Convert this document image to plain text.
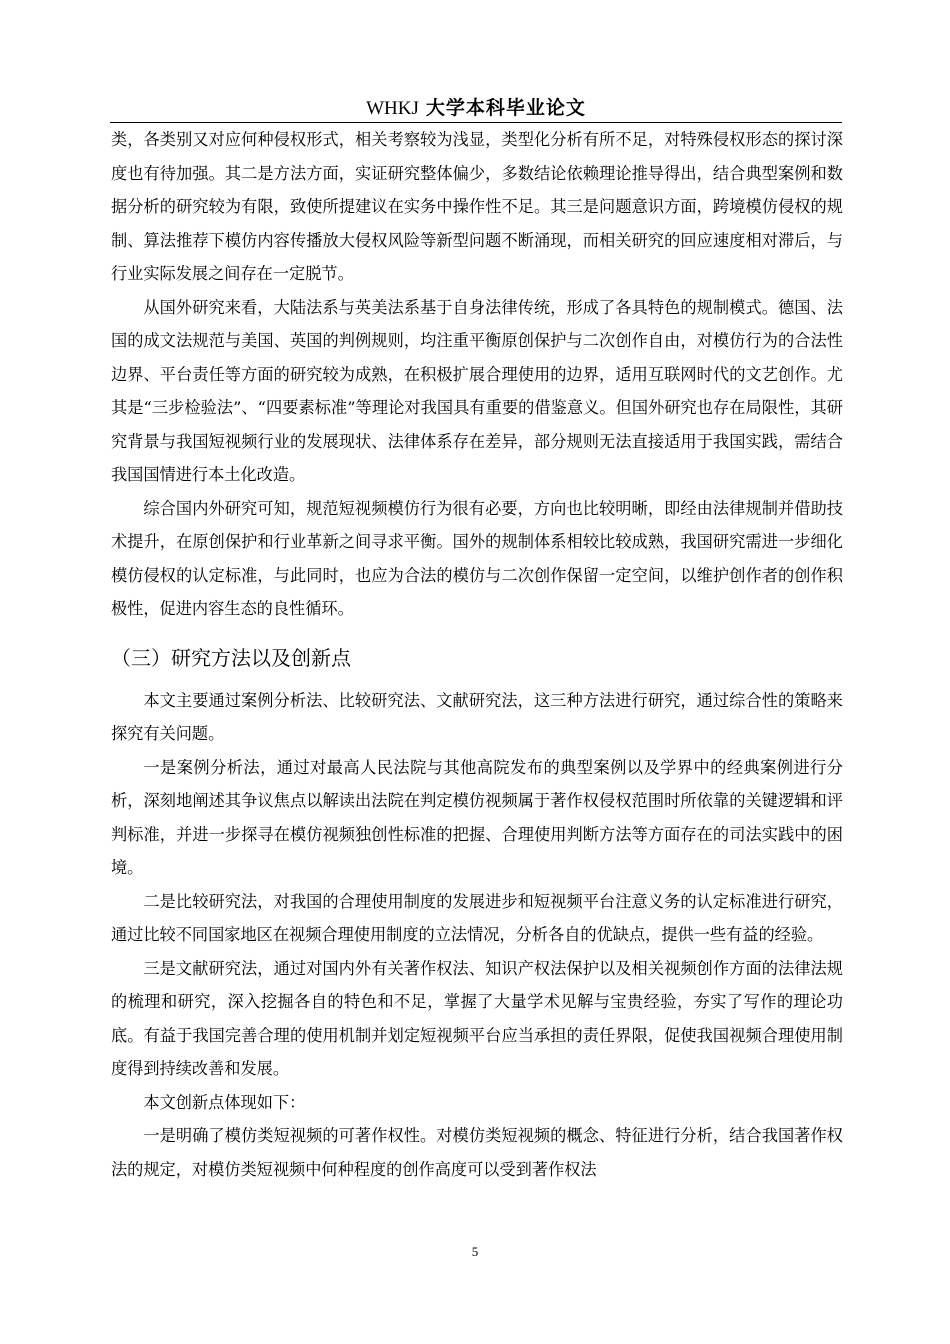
WHKJ 大学本科毕业论文

类，各类别又对应何种侵权形式，相关考察较为浅显，类型化分析有所不足，对特殊侵权形态的探讨深度也有待加强。其二是方法方面，实证研究整体偏少，多数结论依赖理论推导得出，结合典型案例和数据分析的研究较为有限，致使所提建议在实务中操作性不足。其三是问题意识方面，跨境模仿侵权的规制、算法推荐下模仿内容传播放大侵权风险等新型问题不断涌现，而相关研究的回应速度相对滞后，与行业实际发展之间存在一定脱节。

从国外研究来看，大陆法系与英美法系基于自身法律传统，形成了各具特色的规制模式。德国、法国的成文法规范与美国、英国的判例规则，均注重平衡原创保护与二次创作自由，对模仿行为的合法性边界、平台责任等方面的研究较为成熟，在积极扩展合理使用的边界，适用互联网时代的文艺创作。尤其是“三步检验法”、“四要素标准”等理论对我国具有重要的借鉴意义。但国外研究也存在局限性，其研究背景与我国短视频行业的发展现状、法律体系存在差异，部分规则无法直接适用于我国实践，需结合我国国情进行本土化改造。

综合国内外研究可知，规范短视频模仿行为很有必要，方向也比较明晰，即经由法律规制并借助技术提升，在原创保护和行业革新之间寻求平衡。国外的规制体系相较比较成熟，我国研究需进一步细化模仿侵权的认定标准，与此同时，也应为合法的模仿与二次创作保留一定空间，以维护创作者的创作积极性，促进内容生态的良性循环。

（三）研究方法以及创新点

本文主要通过案例分析法、比较研究法、文献研究法，这三种方法进行研究，通过综合性的策略来探究有关问题。

一是案例分析法，通过对最高人民法院与其他高院发布的典型案例以及学界中的经典案例进行分析，深刻地阐述其争议焦点以解读出法院在判定模仿视频属于著作权侵权范围时所依靠的关键逻辑和评判标准，并进一步探寻在模仿视频独创性标准的把握、合理使用判断方法等方面存在的司法实践中的困境。

二是比较研究法，对我国的合理使用制度的发展进步和短视频平台注意义务的认定标准进行研究，通过比较不同国家地区在视频合理使用制度的立法情况，分析各自的优缺点，提供一些有益的经验。

三是文献研究法，通过对国内外有关著作权法、知识产权法保护以及相关视频创作方面的法律法规的梳理和研究，深入挖掘各自的特色和不足，掌握了大量学术见解与宝贵经验，夯实了写作的理论功底。有益于我国完善合理的使用机制并划定短视频平台应当承担的责任界限，促使我国视频合理使用制度得到持续改善和发展。

本文创新点体现如下：

一是明确了模仿类短视频的可著作权性。对模仿类短视频的概念、特征进行分析，结合我国著作权法的规定，对模仿类短视频中何种程度的创作高度可以受到著作权法

5
